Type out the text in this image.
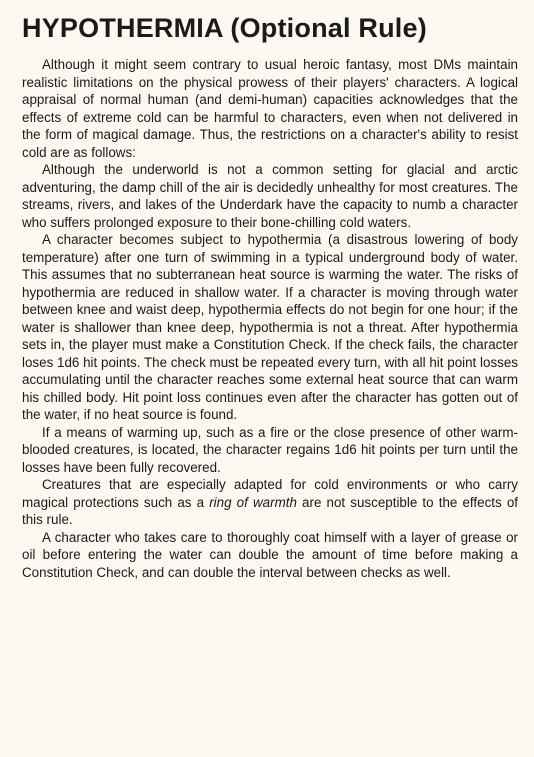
HYPOTHERMIA (Optional Rule)

Although it might seem contrary to usual heroic fantasy, most DMs maintain realistic limitations on the physical prowess of their players' characters. A logical appraisal of normal human (and demi-human) capacities acknowledges that the effects of extreme cold can be harmful to characters, even when not delivered in the form of magical damage. Thus, the restrictions on a character's ability to resist cold are as follows:

Although the underworld is not a common setting for glacial and arctic adventuring, the damp chill of the air is decidedly unhealthy for most creatures. The streams, rivers, and lakes of the Underdark have the capacity to numb a character who suffers prolonged exposure to their bone-chilling cold waters.

A character becomes subject to hypothermia (a disastrous lowering of body temperature) after one turn of swimming in a typical underground body of water. This assumes that no subterranean heat source is warming the water. The risks of hypothermia are reduced in shallow water. If a character is moving through water between knee and waist deep, hypothermia effects do not begin for one hour; if the water is shallower than knee deep, hypothermia is not a threat. After hypothermia sets in, the player must make a Constitution Check. If the check fails, the character loses 1d6 hit points. The check must be repeated every turn, with all hit point losses accumulating until the character reaches some external heat source that can warm his chilled body. Hit point loss continues even after the character has gotten out of the water, if no heat source is found.

If a means of warming up, such as a fire or the close presence of other warm-blooded creatures, is located, the character regains 1d6 hit points per turn until the losses have been fully recovered.

Creatures that are especially adapted for cold environments or who carry magical protections such as a ring of warmth are not susceptible to the effects of this rule.

A character who takes care to thoroughly coat himself with a layer of grease or oil before entering the water can double the amount of time before making a Constitution Check, and can double the interval between checks as well.
